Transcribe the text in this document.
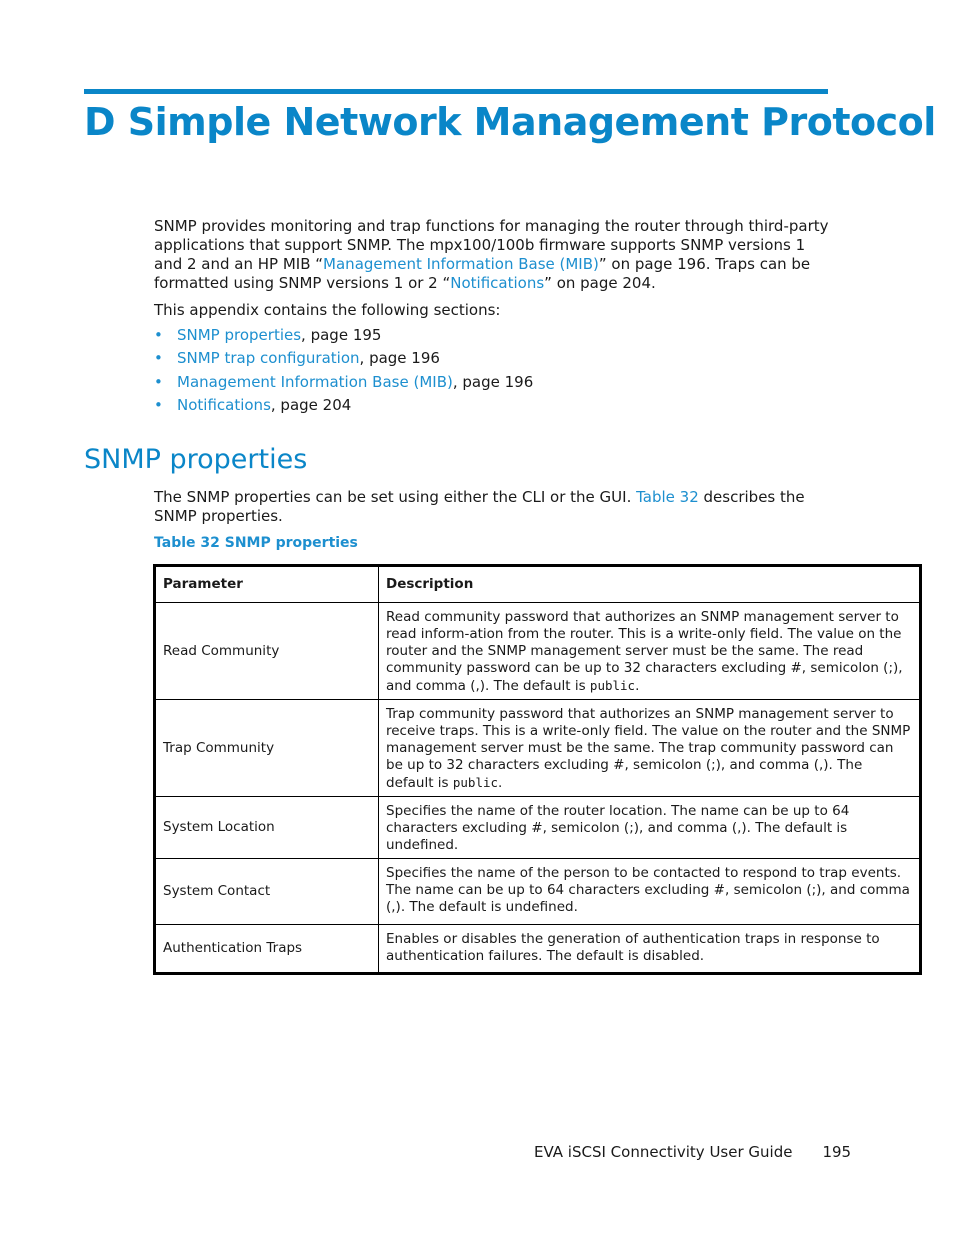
D Simple Network Management Protocol

SNMP provides monitoring and trap functions for managing the router through third-party applications that support SNMP. The mpx100/100b firmware supports SNMP versions 1 and 2 and an HP MIB “Management Information Base (MIB)” on page 196. Traps can be formatted using SNMP versions 1 or 2 “Notifications” on page 204.

This appendix contains the following sections:

• SNMP properties, page 195
• SNMP trap configuration, page 196
• Management Information Base (MIB), page 196
• Notifications, page 204
SNMP properties

The SNMP properties can be set using either the CLI or the GUI. Table 32 describes the SNMP properties.

Table 32 SNMP properties

Parameter	Description
Read Community	Read community password that authorizes an SNMP management server to read inform-ation from the router. This is a write-only field. The value on the router and the SNMP management server must be the same. The read community password can be up to 32 characters excluding #, semicolon (;), and comma (,). The default is public.
Trap Community	Trap community password that authorizes an SNMP management server to receive traps. This is a write-only field. The value on the router and the SNMP management server must be the same. The trap community password can be up to 32 characters excluding #, semicolon (;), and comma (,). The default is public.
System Location	Specifies the name of the router location. The name can be up to 64 characters excluding #, semicolon (;), and comma (,). The default is undefined.
System Contact	Specifies the name of the person to be contacted to respond to trap events. The name can be up to 64 characters excluding #, semicolon (;), and comma (,). The default is undefined.
Authentication Traps	Enables or disables the generation of authentication traps in response to authentication failures. The default is disabled.
EVA iSCSI Connectivity User Guide 195
